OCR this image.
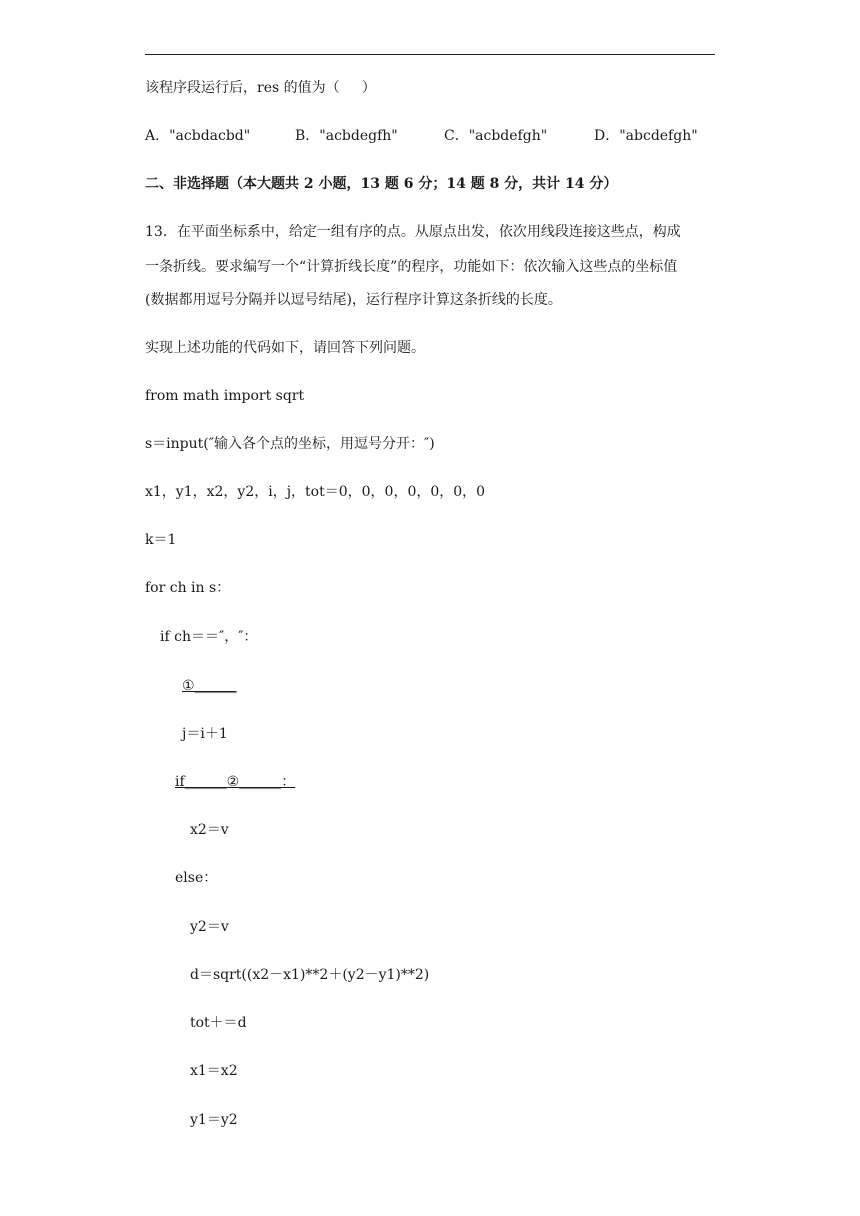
该程序段运行后，res 的值为（     ）
A．"acbdacbd"	B．"acbdegfh"	C．"acbdefgh"	D．"abcdefgh"
二、非选择题（本大题共 2 小题，13 题 6 分；14 题 8 分，共计 14 分）
13．在平面坐标系中，给定一组有序的点。从原点出发，依次用线段连接这些点，构成
一条折线。要求编写一个“计算折线长度”的程序，功能如下：依次输入这些点的坐标值
(数据都用逗号分隔并以逗号结尾)，运行程序计算这条折线的长度。
实现上述功能的代码如下，请回答下列问题。
from math import sqrt
s＝input(″输入各个点的坐标，用逗号分开：″)
x1，y1，x2，y2，i，j，tot＝0，0，0，0，0，0，0
k＝1
for ch in s：
if ch＝＝″，″：
①______
j＝i＋1
if______②______：
x2＝v
else：
y2＝v
d＝sqrt((x2－x1)**2＋(y2－y1)**2)
tot＋＝d
x1＝x2
y1＝y2
